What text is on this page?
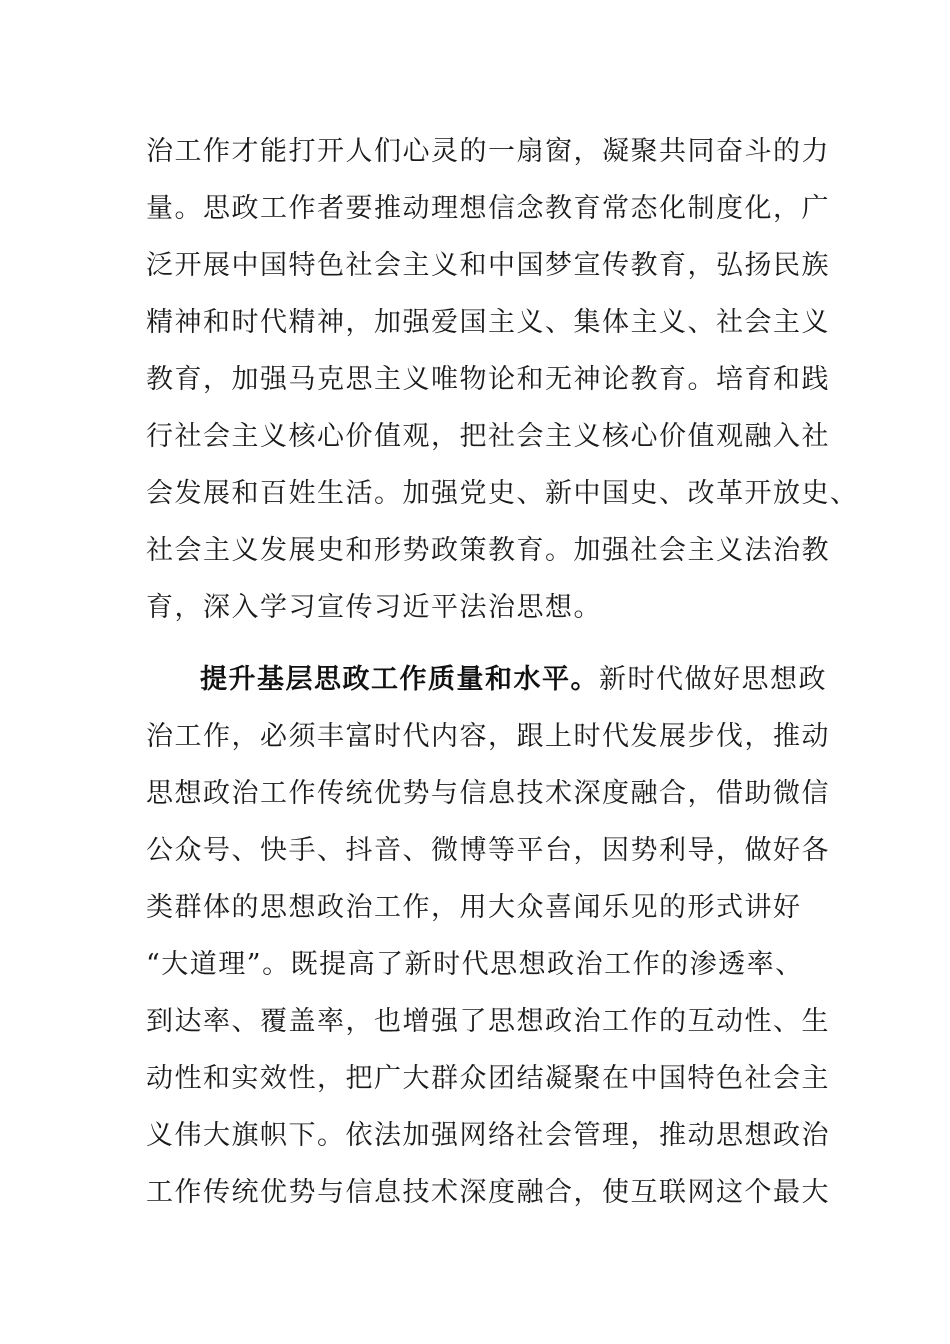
治工作才能打开人们心灵的一扇窗，凝聚共同奋斗的力
量。思政工作者要推动理想信念教育常态化制度化，广
泛开展中国特色社会主义和中国梦宣传教育，弘扬民族
精神和时代精神，加强爱国主义、集体主义、社会主义
教育，加强马克思主义唯物论和无神论教育。培育和践
行社会主义核心价值观，把社会主义核心价值观融入社
会发展和百姓生活。加强党史、新中国史、改革开放史、
社会主义发展史和形势政策教育。加强社会主义法治教
育，深入学习宣传习近平法治思想。
提升基层思政工作质量和水平。新时代做好思想政
治工作，必须丰富时代内容，跟上时代发展步伐，推动
思想政治工作传统优势与信息技术深度融合，借助微信
公众号、快手、抖音、微博等平台，因势利导，做好各
类群体的思想政治工作，用大众喜闻乐见的形式讲好
“大道理”。既提高了新时代思想政治工作的渗透率、
到达率、覆盖率，也增强了思想政治工作的互动性、生
动性和实效性，把广大群众团结凝聚在中国特色社会主
义伟大旗帜下。依法加强网络社会管理，推动思想政治
工作传统优势与信息技术深度融合，使互联网这个最大
